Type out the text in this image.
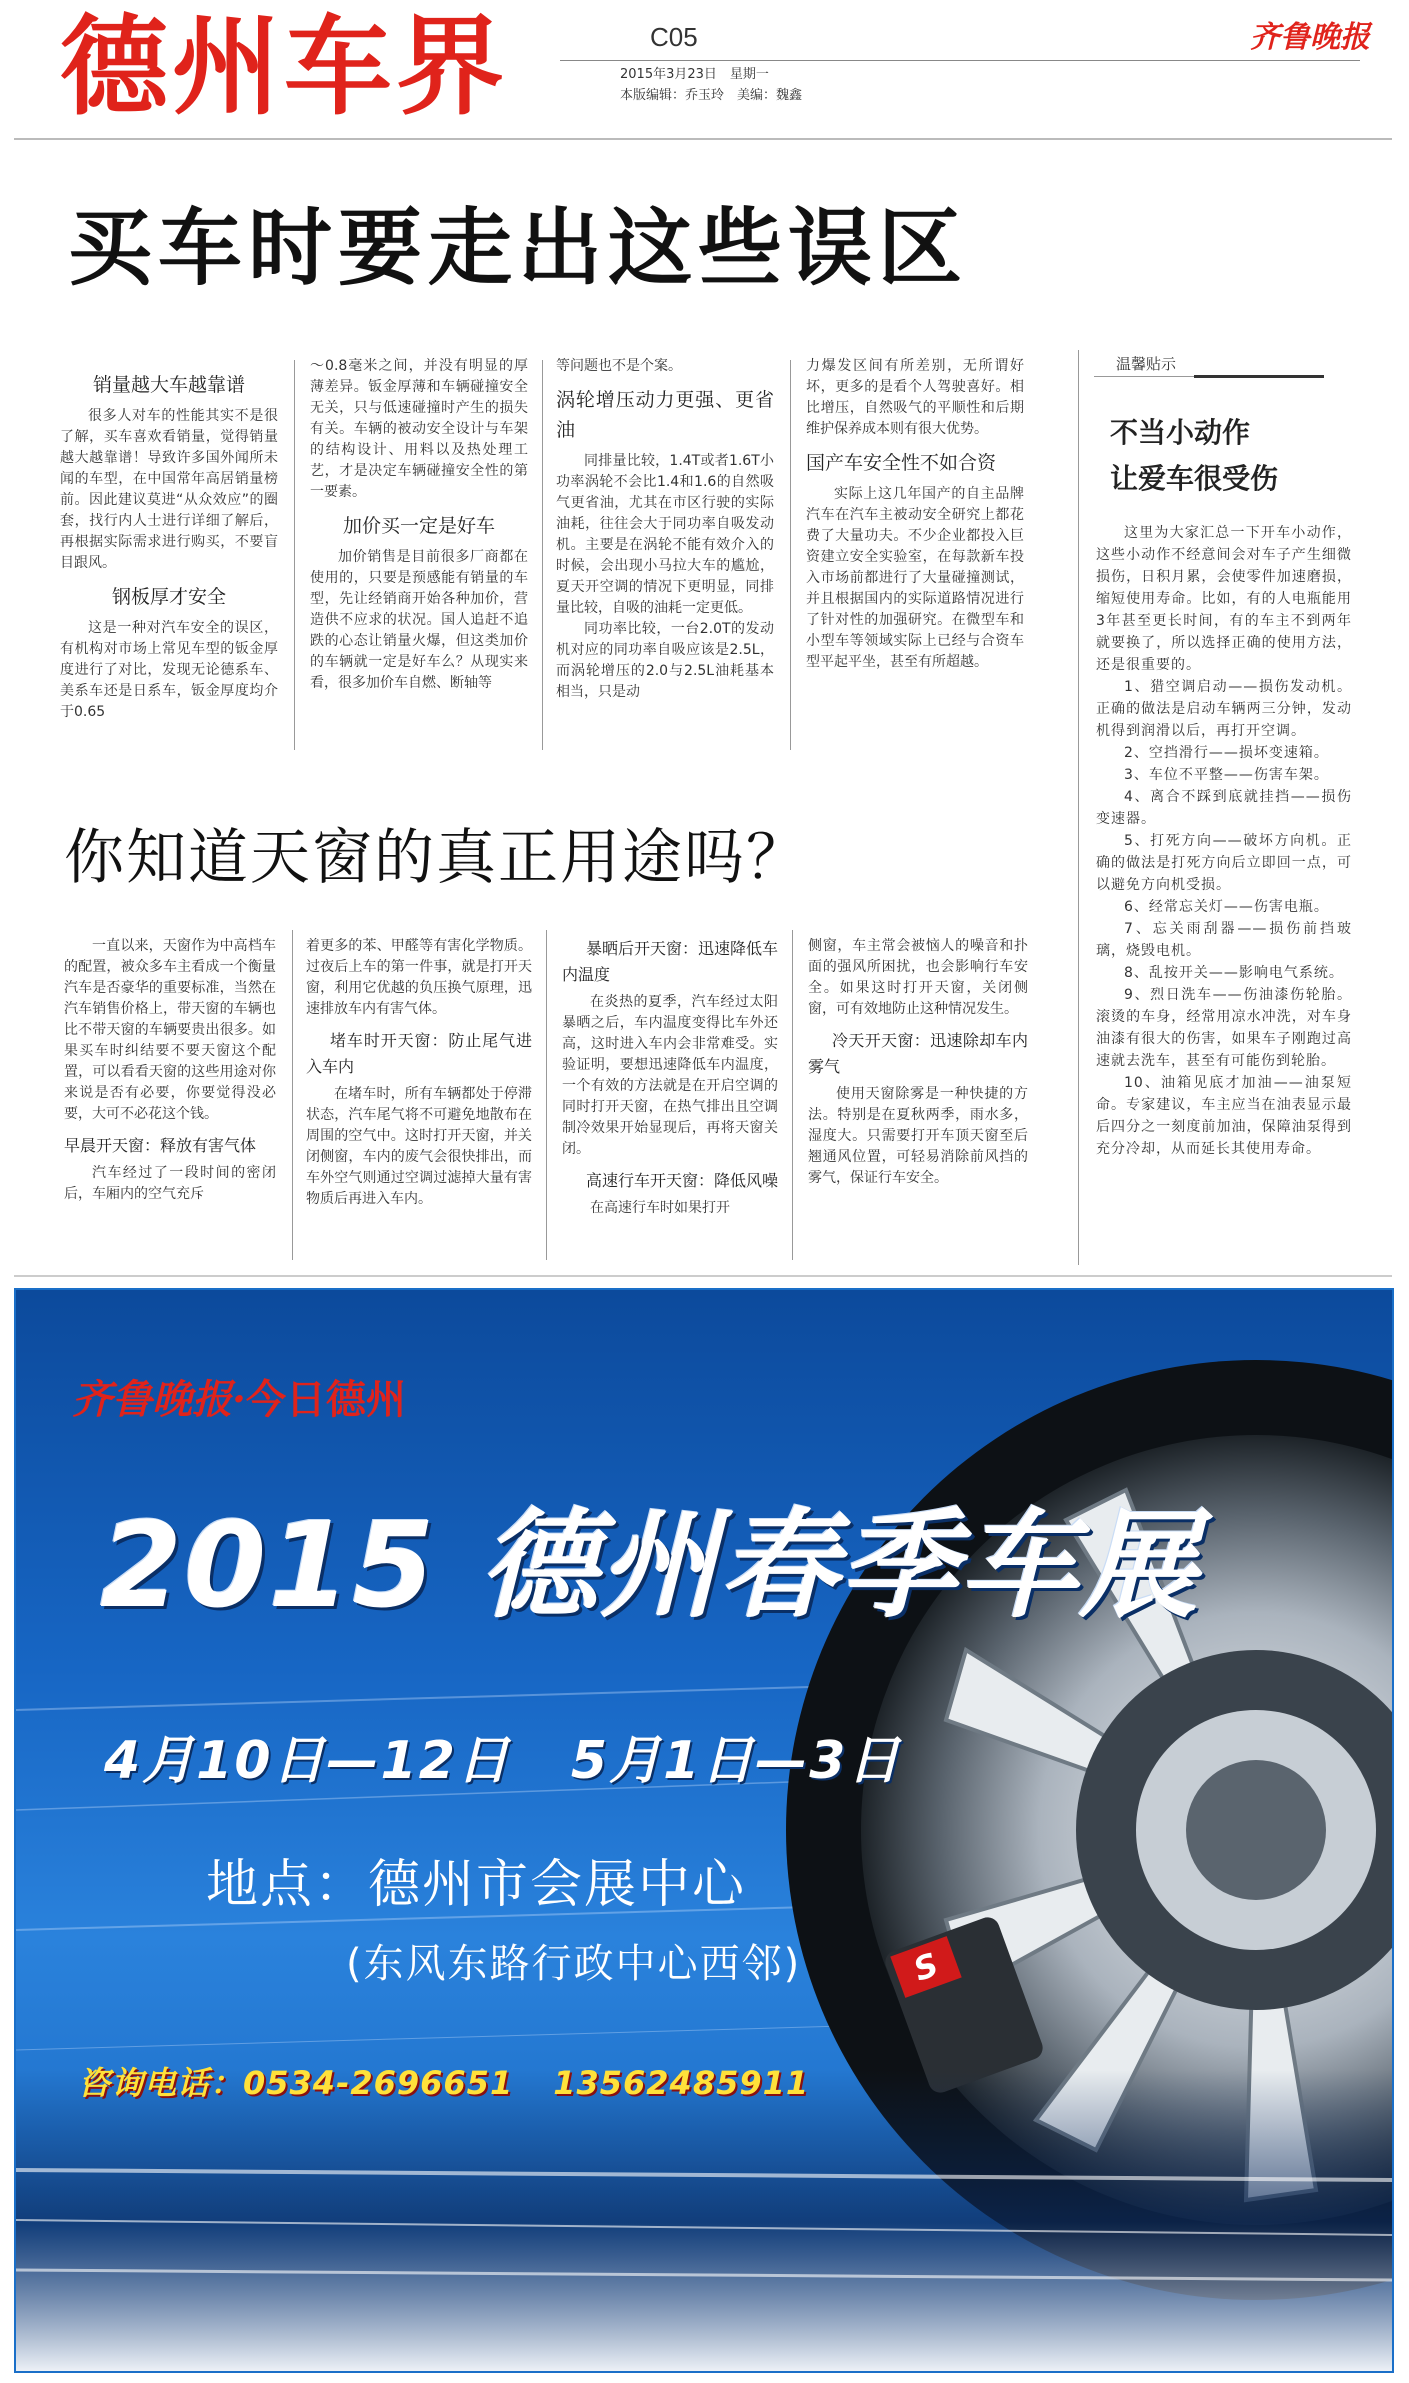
德州车界	C05
2015年3月23日　星期一
本版编辑：乔玉玲　美编：魏鑫
齐鲁晚报
买车时要走出这些误区
销量越大车越靠谱

很多人对车的性能其实不是很了解，买车喜欢看销量，觉得销量越大越靠谱！导致许多国外闻所未闻的车型，在中国常年高居销量榜前。因此建议莫进“从众效应”的圈套，找行内人士进行详细了解后，再根据实际需求进行购买，不要盲目跟风。

钢板厚才安全

这是一种对汽车安全的误区，有机构对市场上常见车型的钣金厚度进行了对比，发现无论德系车、美系车还是日系车，钣金厚度均介于0.65

～0.8毫米之间，并没有明显的厚薄差异。钣金厚薄和车辆碰撞安全无关，只与低速碰撞时产生的损失有关。车辆的被动安全设计与车架的结构设计、用料以及热处理工艺，才是决定车辆碰撞安全性的第一要素。

加价买一定是好车

加价销售是目前很多厂商都在使用的，只要是预感能有销量的车型，先让经销商开始各种加价，营造供不应求的状况。国人追赶不追跌的心态让销量火爆，但这类加价的车辆就一定是好车么？从现实来看，很多加价车自燃、断轴等

等问题也不是个案。

涡轮增压动力更强、更省油

同排量比较，1.4T或者1.6T小功率涡轮不会比1.4和1.6的自然吸气更省油，尤其在市区行驶的实际油耗，往往会大于同功率自吸发动机。主要是在涡轮不能有效介入的时候，会出现小马拉大车的尴尬，夏天开空调的情况下更明显，同排量比较，自吸的油耗一定更低。

同功率比较，一台2.0T的发动机对应的同功率自吸应该是2.5L，而涡轮增压的2.0与2.5L油耗基本相当，只是动

力爆发区间有所差别，无所谓好坏，更多的是看个人驾驶喜好。相比增压，自然吸气的平顺性和后期维护保养成本则有很大优势。

国产车安全性不如合资

实际上这几年国产的自主品牌汽车在汽车主被动安全研究上都花费了大量功夫。不少企业都投入巨资建立安全实验室，在每款新车投入市场前都进行了大量碰撞测试，并且根据国内的实际道路情况进行了针对性的加强研究。在微型车和小型车等领域实际上已经与合资车型平起平坐，甚至有所超越。

你知道天窗的真正用途吗？

一直以来，天窗作为中高档车的配置，被众多车主看成一个衡量汽车是否豪华的重要标准，当然在汽车销售价格上，带天窗的车辆也比不带天窗的车辆要贵出很多。如果买车时纠结要不要天窗这个配置，可以看看天窗的这些用途对你来说是否有必要，你要觉得没必要，大可不必花这个钱。

早晨开天窗：释放有害气体

汽车经过了一段时间的密闭后，车厢内的空气充斥

着更多的苯、甲醛等有害化学物质。过夜后上车的第一件事，就是打开天窗，利用它优越的负压换气原理，迅速排放车内有害气体。

堵车时开天窗：防止尾气进入车内

在堵车时，所有车辆都处于停滞状态，汽车尾气将不可避免地散布在周围的空气中。这时打开天窗，并关闭侧窗，车内的废气会很快排出，而车外空气则通过空调过滤掉大量有害物质后再进入车内。

暴晒后开天窗：迅速降低车内温度

在炎热的夏季，汽车经过太阳暴晒之后，车内温度变得比车外还高，这时进入车内会非常难受。实验证明，要想迅速降低车内温度，一个有效的方法就是在开启空调的同时打开天窗，在热气排出且空调制冷效果开始显现后，再将天窗关闭。

高速行车开天窗：降低风噪

在高速行车时如果打开

侧窗，车主常会被恼人的噪音和扑面的强风所困扰，也会影响行车安全。如果这时打开天窗，关闭侧窗，可有效地防止这种情况发生。

冷天开天窗：迅速除却车内雾气

使用天窗除雾是一种快捷的方法。特别是在夏秋两季，雨水多，湿度大。只需要打开车顶天窗至后翘通风位置，可轻易消除前风挡的雾气，保证行车安全。

温馨贴示
不当小动作
让爱车很受伤

这里为大家汇总一下开车小动作，这些小动作不经意间会对车子产生细微损伤，日积月累，会使零件加速磨损，缩短使用寿命。比如，有的人电瓶能用3年甚至更长时间，有的车主不到两年就要换了，所以选择正确的使用方法，还是很重要的。

1、猎空调启动——损伤发动机。正确的做法是启动车辆两三分钟，发动机得到润滑以后，再打开空调。

2、空挡滑行——损坏变速箱。

3、车位不平整——伤害车架。

4、离合不踩到底就挂挡——损伤变速器。

5、打死方向——破坏方向机。正确的做法是打死方向后立即回一点，可以避免方向机受损。

6、经常忘关灯——伤害电瓶。

7、忘关雨刮器——损伤前挡玻璃，烧毁电机。

8、乱按开关——影响电气系统。

9、烈日洗车——伤油漆伤轮胎。滚烫的车身，经常用凉水冲洗，对车身油漆有很大的伤害，如果车子刚跑过高速就去洗车，甚至有可能伤到轮胎。

10、油箱见底才加油——油泵短命。专家建议，车主应当在油表显示最后四分之一刻度前加油，保障油泵得到充分冷却，从而延长其使用寿命。

S
齐鲁晚报·今日德州
2015 德州春季车展
4月10日—12日 5月1日—3日
地点：德州市会展中心
(东风东路行政中心西邻)
咨询电话：0534-2696651 13562485911
